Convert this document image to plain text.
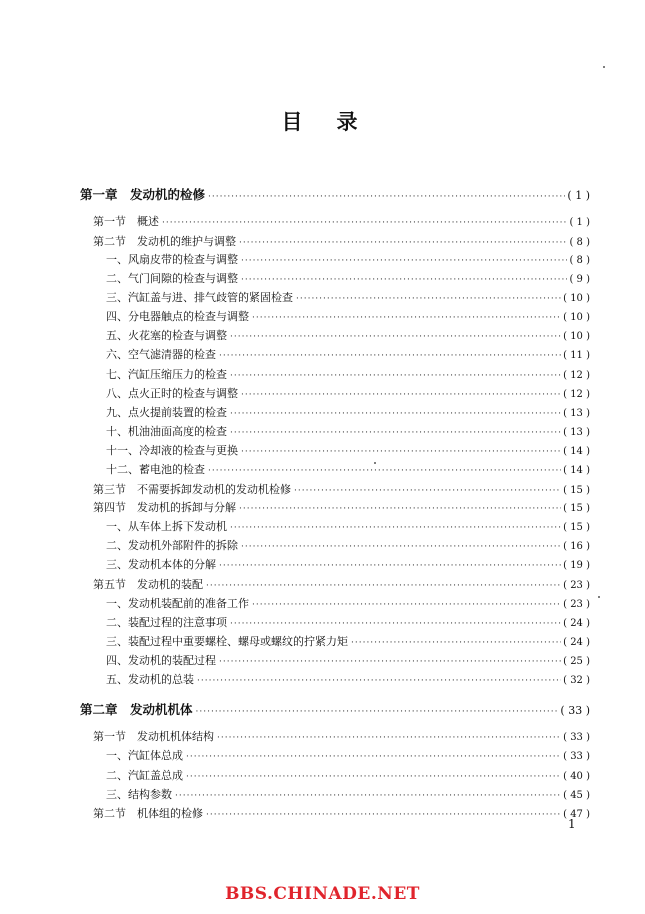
目 录
第一章　发动机的检修 ·····	( 1 )
第一节　概述 ·····	( 1 )
第二节　发动机的维护与调整 ·····	( 8 )
一、风扇皮带的检查与调整 ·····	( 8 )
二、气门间隙的检查与调整 ·····	( 9 )
三、汽缸盖与进、排气歧管的紧固检查 ·····	( 10 )
四、分电器触点的检查与调整 ·····	( 10 )
五、火花塞的检查与调整 ·····	( 10 )
六、空气滤清器的检查 ·····	( 11 )
七、汽缸压缩压力的检查 ·····	( 12 )
八、点火正时的检查与调整 ·····	( 12 )
九、点火提前装置的检查 ·····	( 13 )
十、机油油面高度的检查 ·····	( 13 )
十一、冷却液的检查与更换 ·····	( 14 )
十二、蓄电池的检查 ·····	( 14 )
第三节　不需要拆卸发动机的发动机检修 ·····	( 15 )
第四节　发动机的拆卸与分解 ·····	( 15 )
一、从车体上拆下发动机 ·····	( 15 )
二、发动机外部附件的拆除 ·····	( 16 )
三、发动机本体的分解 ·····	( 19 )
第五节　发动机的装配 ·····	( 23 )
一、发动机装配前的准备工作 ·····	( 23 )
二、装配过程的注意事项 ·····	( 24 )
三、装配过程中重要螺栓、螺母或螺纹的拧紧力矩 ·····	( 24 )
四、发动机的装配过程 ·····	( 25 )
五、发动机的总装 ·····	( 32 )
第二章　发动机机体 ·····	( 33 )
第一节　发动机机体结构 ·····	( 33 )
一、汽缸体总成 ·····	( 33 )
二、汽缸盖总成 ·····	( 40 )
三、结构参数 ·····	( 45 )
第二节　机体组的检修 ·····	( 47 )
1
BBS.CHINADE.NET
